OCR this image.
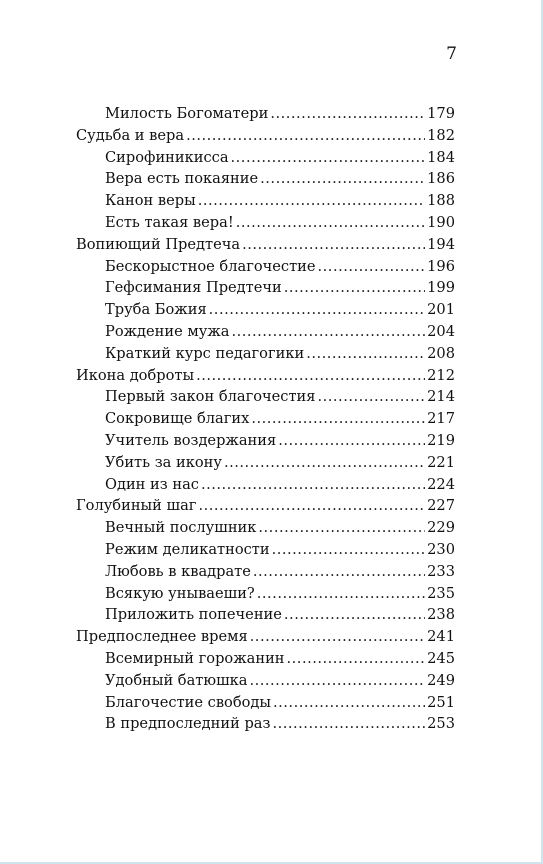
7
Милость Богоматери .....	179
Судьба и вера .....	182
Сирофиникисса .....	184
Вера есть покаяние .....	186
Канон веры .....	188
Есть такая вера! .....	190
Вопиющий Предтеча .....	194
Бескорыстное благочестие .....	196
Гефсимания Предтечи .....	199
Труба Божия .....	201
Рождение мужа .....	204
Краткий курс педагогики .....	208
Икона доброты .....	212
Первый закон благочестия .....	214
Сокровище благих .....	217
Учитель воздержания .....	219
Убить за икону .....	221
Один из нас .....	224
Голубиный шаг .....	227
Вечный послушник .....	229
Режим деликатности .....	230
Любовь в квадрате .....	233
Всякую унываеши? .....	235
Приложить попечение .....	238
Предпоследнее время .....	241
Всемирный горожанин .....	245
Удобный батюшка .....	249
Благочестие свободы .....	251
В предпоследний раз .....	253
